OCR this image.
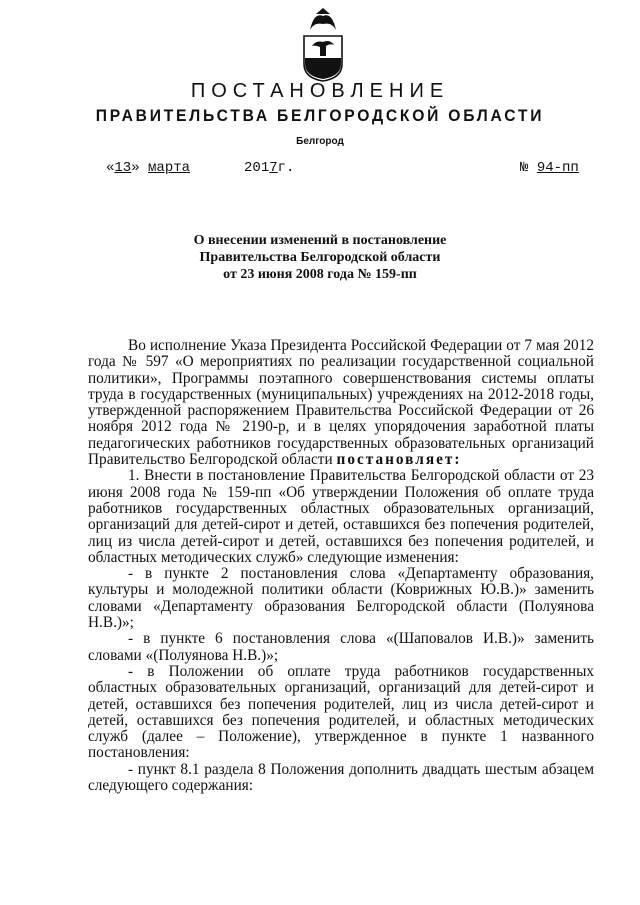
ПОСТАНОВЛЕНИЕ
ПРАВИТЕЛЬСТВА БЕЛГОРОДСКОЙ ОБЛАСТИ
Белгород
«13» марта	2017г.	№ 94-пп
О внесении изменений в постановление
Правительства Белгородской области
от 23 июня 2008 года № 159-пп

Во исполнение Указа Президента Российской Федерации от 7 мая 2012 года № 597 «О мероприятиях по реализации государственной социальной политики», Программы поэтапного совершенствования системы оплаты труда в государственных (муниципальных) учреждениях на 2012-2018 годы, утвержденной распоряжением Правительства Российской Федерации от 26 ноября 2012 года № 2190-р, и в целях упорядочения заработной платы педагогических работников государственных образовательных организаций Правительство Белгородской области постановляет:

1. Внести в постановление Правительства Белгородской области от 23 июня 2008 года № 159-пп «Об утверждении Положения об оплате труда работников государственных областных образовательных организаций, организаций для детей-сирот и детей, оставшихся без попечения родителей, лиц из числа детей-сирот и детей, оставшихся без попечения родителей, и областных методических служб» следующие изменения:

- в пункте 2 постановления слова «Департаменту образования, культуры и молодежной политики области (Коврижных Ю.В.)» заменить словами «Департаменту образования Белгородской области (Полуянова Н.В.)»;

- в пункте 6 постановления слова «(Шаповалов И.В.)» заменить словами «(Полуянова Н.В.)»;

- в Положении об оплате труда работников государственных областных образовательных организаций, организаций для детей-сирот и детей, оставшихся без попечения родителей, лиц из числа детей-сирот и детей, оставшихся без попечения родителей, и областных методических служб (далее – Положение), утвержденное в пункте 1 названного постановления:

- пункт 8.1 раздела 8 Положения дополнить двадцать шестым абзацем следующего содержания:
